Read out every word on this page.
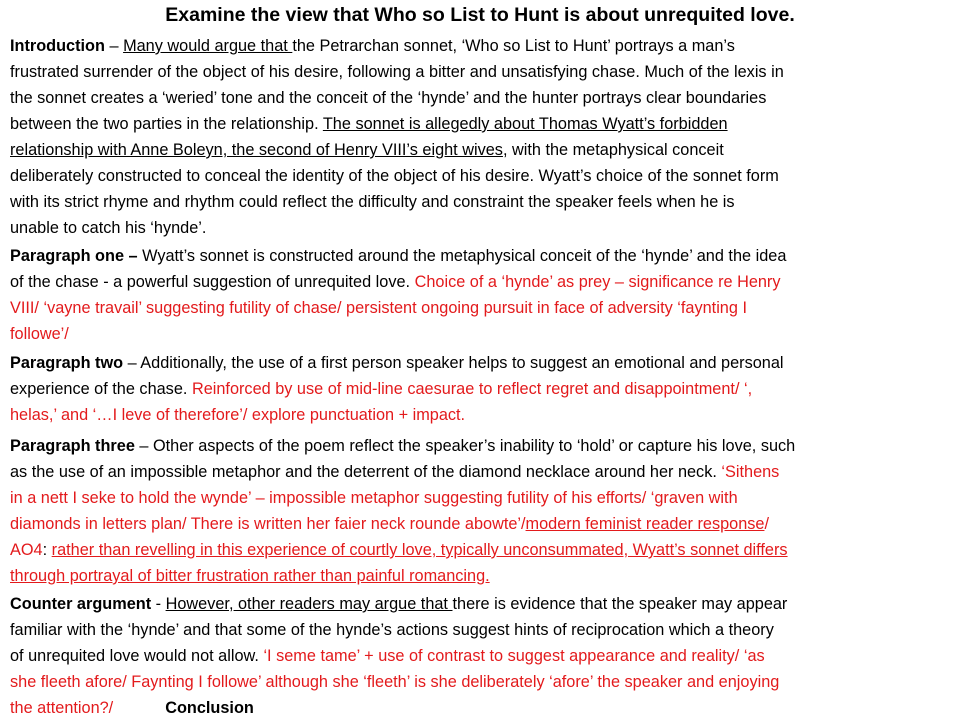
Examine the view that Who so List to Hunt is about unrequited love.
Introduction – Many would argue that the Petrarchan sonnet, ‘Who so List to Hunt’ portrays a man’s
frustrated surrender of the object of his desire, following a bitter and unsatisfying chase. Much of the lexis in
the sonnet creates a ‘weried’ tone and the conceit of the ‘hynde’ and the hunter portrays clear boundaries
between the two parties in the relationship. The sonnet is allegedly about Thomas Wyatt’s forbidden
relationship with Anne Boleyn, the second of Henry VIII’s eight wives, with the metaphysical conceit
deliberately constructed to conceal the identity of the object of his desire. Wyatt’s choice of the sonnet form
with its strict rhyme and rhythm could reflect the difficulty and constraint the speaker feels when he is
unable to catch his ‘hynde’.
Paragraph one – Wyatt’s sonnet is constructed around the metaphysical conceit of the ‘hynde’ and the idea
of the chase - a powerful suggestion of unrequited love. Choice of a ‘hynde’ as prey – significance re Henry
VIII/ ‘vayne travail’ suggesting futility of chase/ persistent ongoing pursuit in face of adversity ‘faynting I
followe’/
Paragraph two – Additionally, the use of a first person speaker helps to suggest an emotional and personal
experience of the chase. Reinforced by use of mid-line caesurae to reflect regret and disappointment/ ‘,
helas,’ and ‘…I leve of therefore’/ explore punctuation + impact.
Paragraph three – Other aspects of the poem reflect the speaker’s inability to ‘hold’ or capture his love, such
as the use of an impossible metaphor and the deterrent of the diamond necklace around her neck. ‘Sithens
in a nett I seke to hold the wynde’ – impossible metaphor suggesting futility of his efforts/ ‘graven with
diamonds in letters plan/ There is written her faier neck rounde abowte’/modern feminist reader response/
AO4: rather than revelling in this experience of courtly love, typically unconsummated, Wyatt’s sonnet differs
through portrayal of bitter frustration rather than painful romancing.
Counter argument - However, other readers may argue that there is evidence that the speaker may appear
familiar with the ‘hynde’ and that some of the hynde’s actions suggest hints of reciprocation which a theory
of unrequited love would not allow. ‘I seme tame’ + use of contrast to suggest appearance and reality/ ‘as
she fleeth afore/ Faynting I followe’ although she ‘fleeth’ is she deliberately ‘afore’ the speaker and enjoying
the attention?/	Conclusion
